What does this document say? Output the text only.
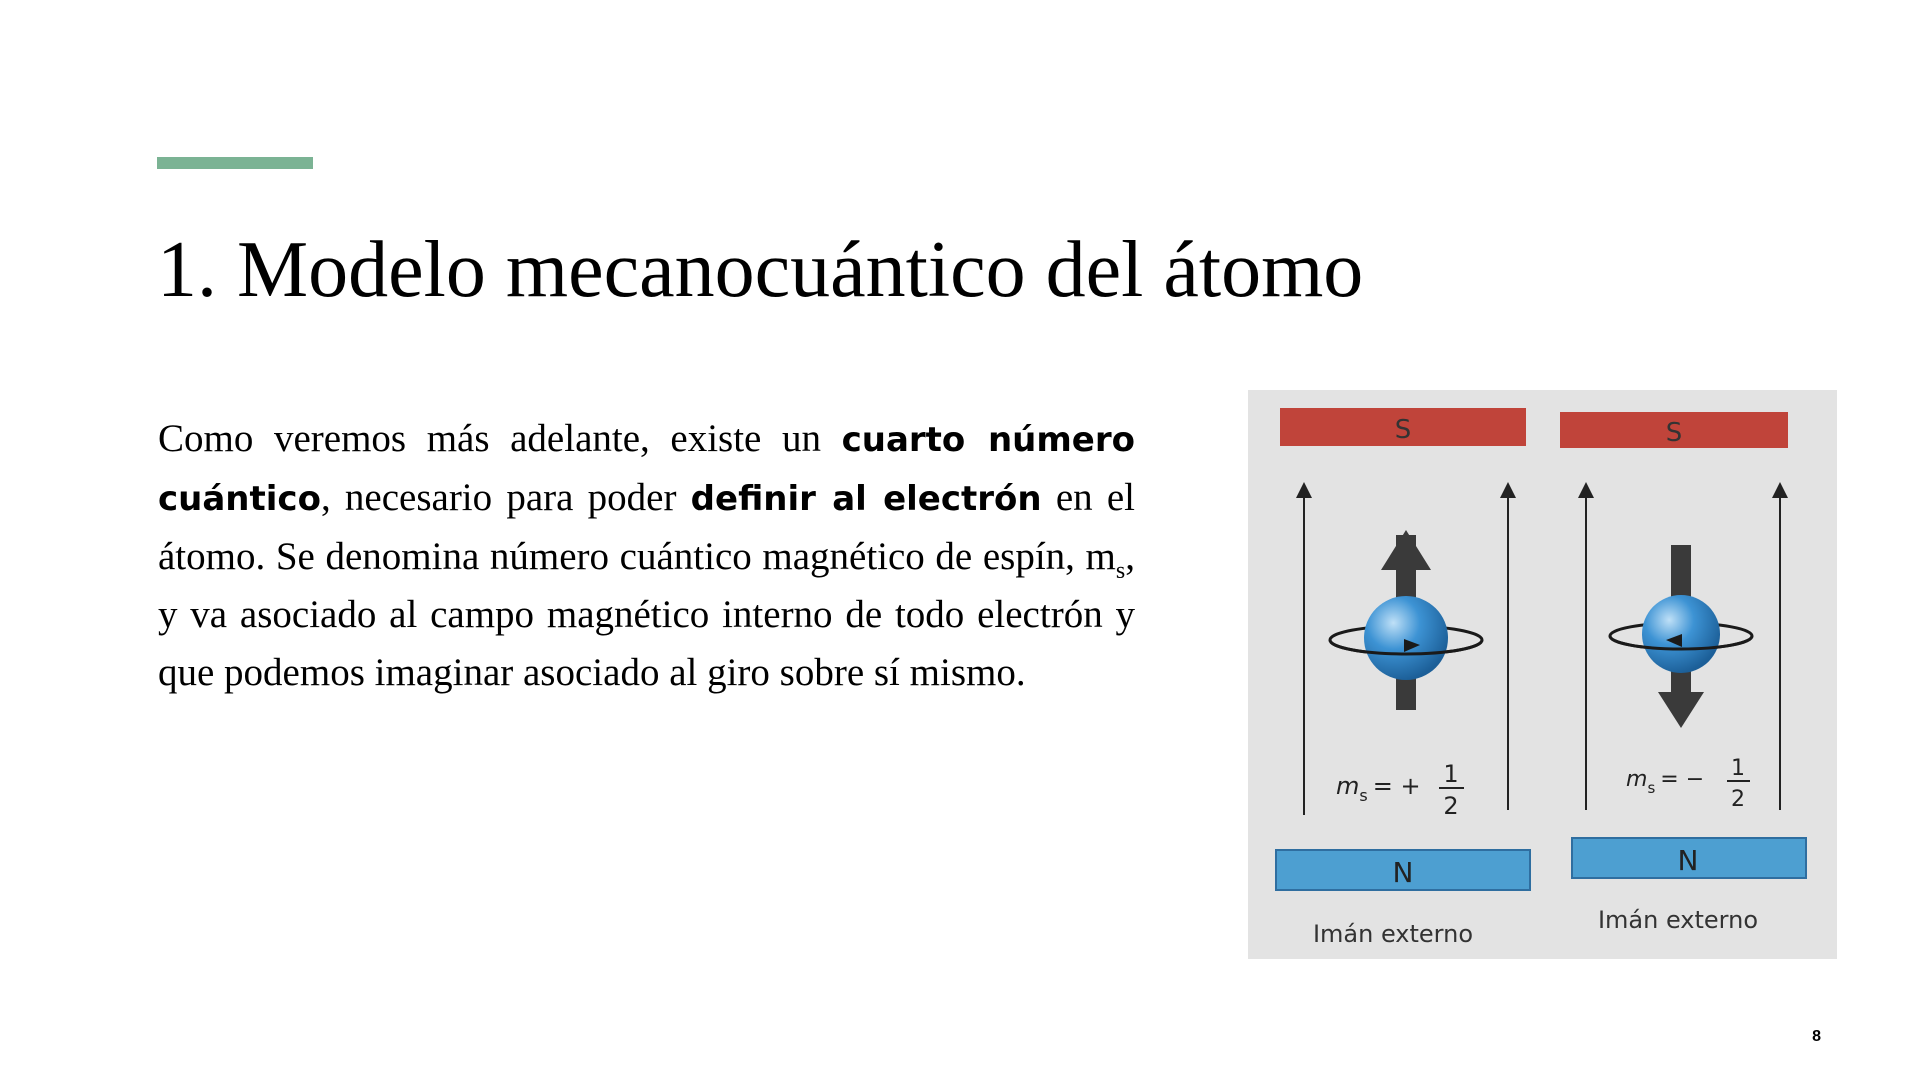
1. Modelo mecanocuántico del átomo

Como veremos más adelante, existe un cuarto número cuántico, necesario para poder definir al electrón en el átomo. Se denomina número cuántico magnético de espín, $m_s$, y va asociado al campo magnético interno de todo electrón y que podemos imaginar asociado al giro sobre sí mismo.

S
$m_s$ = + 1
2
N
Imán externo
S
$m_s$ = − 1
2
N
Imán externo
8
